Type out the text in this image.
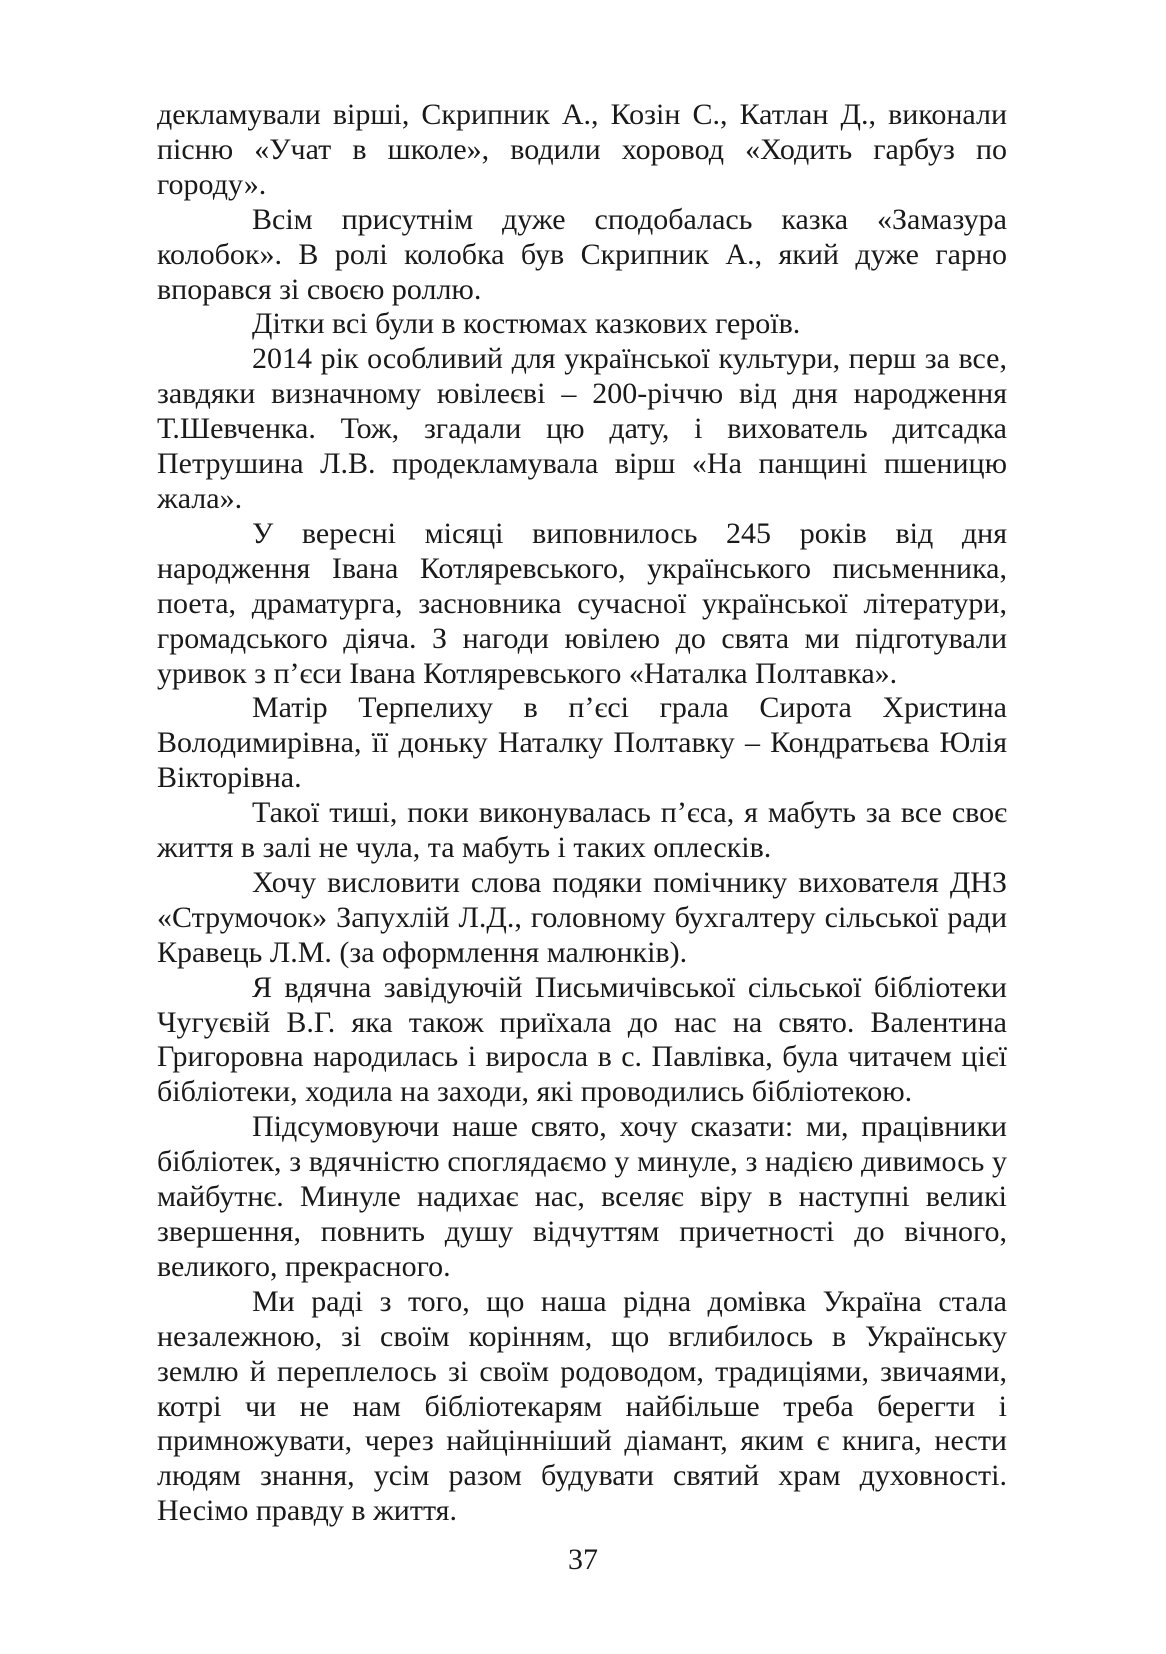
декламували вірші, Скрипник А., Козін С., Катлан Д., виконали пісню «Учат в школе», водили хоровод «Ходить гарбуз по городу».

Всім присутнім дуже сподобалась казка «Замазура колобок». В ролі колобка був Скрипник А., який дуже гарно впорався зі своєю роллю.

Дітки всі були в костюмах казкових героїв.

2014 рік особливий для української культури, перш за все, завдяки визначному ювілеєві – 200-річчю від дня народження Т.Шевченка. Тож, згадали цю дату, і вихователь дитсадка Петрушина Л.В. продекламувала вірш «На панщині пшеницю жала».

У вересні місяці виповнилось 245 років від дня народження Івана Котляревського, українського письменника, поета, драматурга, засновника сучасної української літератури, громадського діяча. З нагоди ювілею до свята ми підготували уривок з п’єси Івана Котляревського «Наталка Полтавка».

Матір Терпелиху в п’єсі грала Сирота Христина Володимирівна, її доньку Наталку Полтавку – Кондратьєва Юлія Вікторівна.

Такої тиші, поки виконувалась п’єса, я мабуть за все своє життя в залі не чула, та мабуть і таких оплесків.

Хочу висловити слова подяки помічнику вихователя ДНЗ «Струмочок» Запухлій Л.Д., головному бухгалтеру сільської ради Кравець Л.М. (за оформлення малюнків).

Я вдячна завідуючій Письмичівської сільської бібліотеки Чугуєвій В.Г. яка також приїхала до нас на свято. Валентина Григоровна народилась і виросла в с. Павлівка, була читачем цієї бібліотеки, ходила на заходи, які проводились бібліотекою.

Підсумовуючи наше свято, хочу сказати: ми, працівники бібліотек, з вдячністю споглядаємо у минуле, з надією дивимось у майбутнє. Минуле надихає нас, вселяє віру в наступні великі звершення, повнить душу відчуттям причетності до вічного, великого, прекрасного.

Ми раді з того, що наша рідна домівка Україна стала незалежною, зі своїм корінням, що вглибилось в Українську землю й переплелось зі своїм родоводом, традиціями, звичаями, котрі чи не нам бібліотекарям найбільше треба берегти і примножувати, через найцінніший діамант, яким є книга, нести людям знання, усім разом будувати святий храм духовності. Несімо правду в життя.

37
